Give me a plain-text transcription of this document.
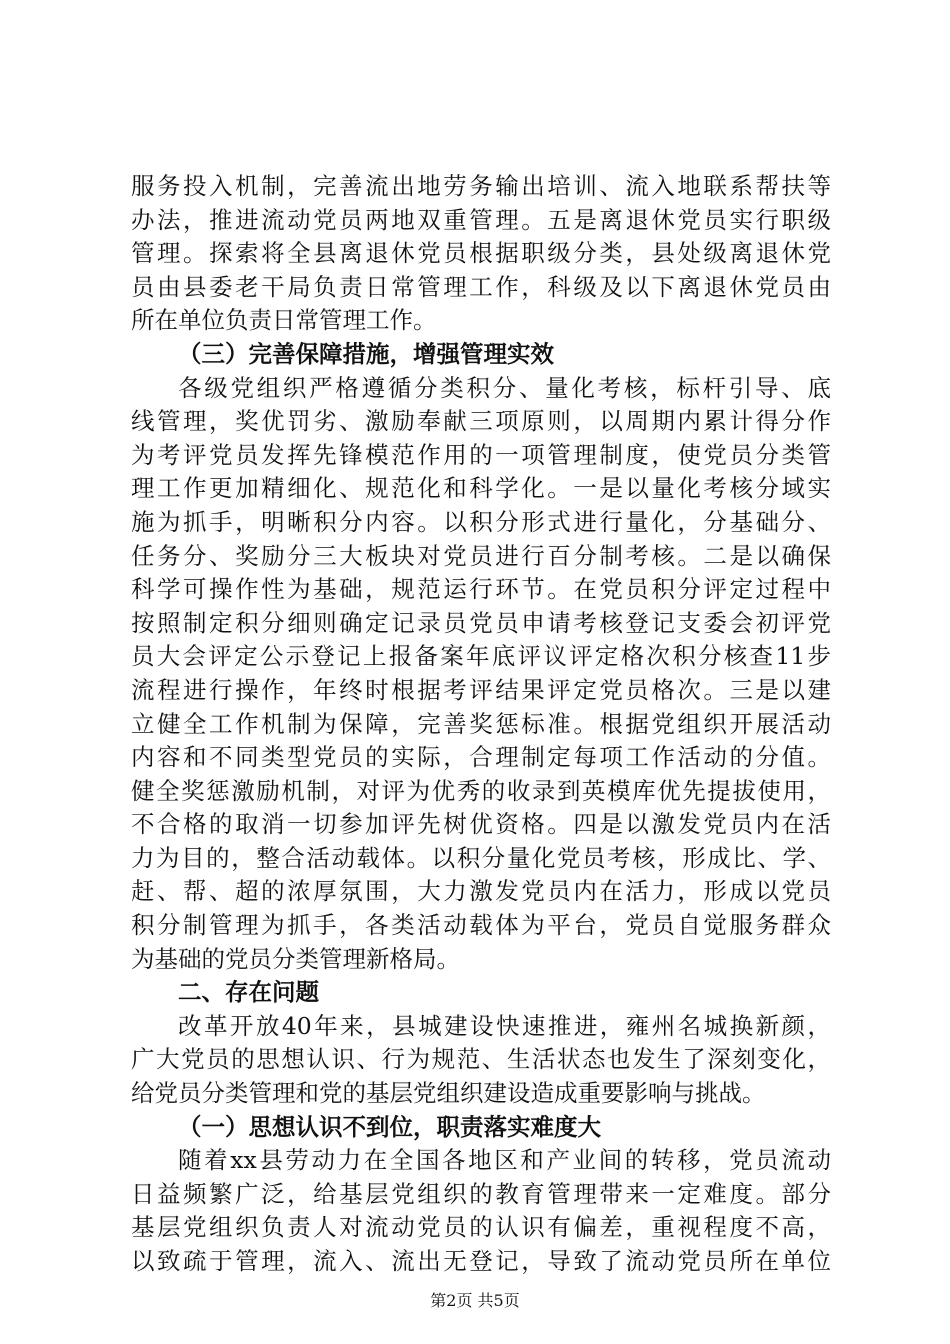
服务投入机制，完善流出地劳务输出培训、流入地联系帮扶等
办法，推进流动党员两地双重管理。五是离退休党员实行职级
管理。探索将全县离退休党员根据职级分类，县处级离退休党
员由县委老干局负责日常管理工作，科级及以下离退休党员由
所在单位负责日常管理工作。
（三）完善保障措施，增强管理实效
各级党组织严格遵循分类积分、量化考核，标杆引导、底
线管理，奖优罚劣、激励奉献三项原则，以周期内累计得分作
为考评党员发挥先锋模范作用的一项管理制度，使党员分类管
理工作更加精细化、规范化和科学化。一是以量化考核分域实
施为抓手，明晰积分内容。以积分形式进行量化，分基础分、
任务分、奖励分三大板块对党员进行百分制考核。二是以确保
科学可操作性为基础，规范运行环节。在党员积分评定过程中
按照制定积分细则确定记录员党员申请考核登记支委会初评党
员大会评定公示登记上报备案年底评议评定格次积分核查11步
流程进行操作，年终时根据考评结果评定党员格次。三是以建
立健全工作机制为保障，完善奖惩标准。根据党组织开展活动
内容和不同类型党员的实际，合理制定每项工作活动的分值。
健全奖惩激励机制，对评为优秀的收录到英模库优先提拔使用，
不合格的取消一切参加评先树优资格。四是以激发党员内在活
力为目的，整合活动载体。以积分量化党员考核，形成比、学、
赶、帮、超的浓厚氛围，大力激发党员内在活力，形成以党员
积分制管理为抓手，各类活动载体为平台，党员自觉服务群众
为基础的党员分类管理新格局。
二、存在问题
改革开放40年来，县城建设快速推进，雍州名城换新颜，
广大党员的思想认识、行为规范、生活状态也发生了深刻变化，
给党员分类管理和党的基层党组织建设造成重要影响与挑战。
（一）思想认识不到位，职责落实难度大
随着xx县劳动力在全国各地区和产业间的转移，党员流动
日益频繁广泛，给基层党组织的教育管理带来一定难度。部分
基层党组织负责人对流动党员的认识有偏差，重视程度不高，
以致疏于管理，流入、流出无登记，导致了流动党员所在单位
第2页 共5页
